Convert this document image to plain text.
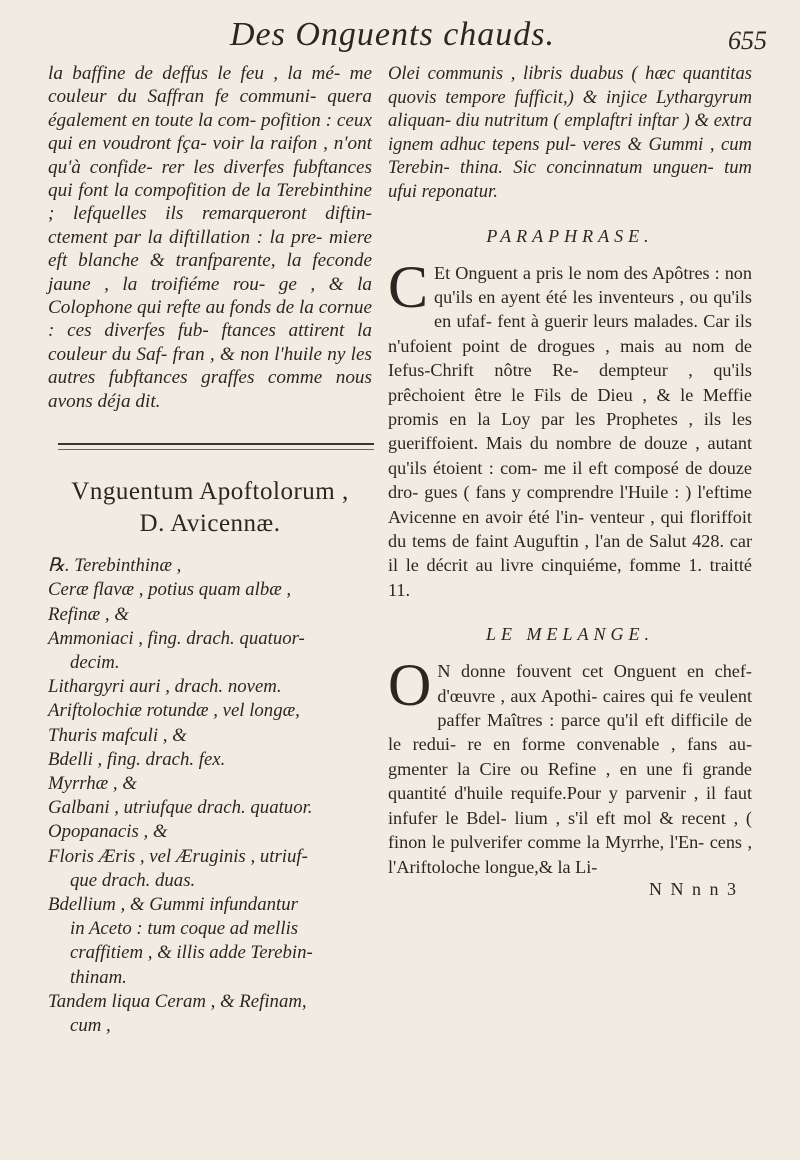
Des Onguents chauds.	655

la baffine de deffus le feu , la mé- me couleur du Saffran fe communi- quera également en toute la com- pofition : ceux qui en voudront fça- voir la raifon , n'ont qu'à confide- rer les diverfes fubftances qui font la compofition de la Terebinthine ; lefquelles ils remarqueront diftin- ctement par la diftillation : la pre- miere eft blanche & tranfparente, la feconde jaune , la troifiéme rou- ge , & la Colophone qui refte au fonds de la cornue : ces diverfes fub- ftances attirent la couleur du Saf- fran , & non l'huile ny les autres fubftances graffes comme nous avons déja dit.

Vnguentum Apoftolorum ,
D. Avicennæ.
℞. Terebinthinæ ,
Ceræ flavæ , potius quam albæ ,
Refinæ , &
Ammoniaci , fing. drach. quatuor-
decim.
Lithargyri auri , drach. novem.
Ariftolochiæ rotundæ , vel longæ,
Thuris mafculi , &
Bdelli , fing. drach. fex.
Myrrhæ , &
Galbani , utriufque drach. quatuor.
Opopanacis , &
Floris Æris , vel Æruginis , utriuf-
que drach. duas.
Bdellium , & Gummi infundantur
in Aceto : tum coque ad mellis
craffitiem , & illis adde Terebin-
thinam.
Tandem liqua Ceram , & Refinam,
cum ,

Olei communis , libris duabus ( hæc quantitas quovis tempore fufficit,) & injice Lythargyrum aliquan- diu nutritum ( emplaftri inftar ) & extra ignem adhuc tepens pul- veres & Gummi , cum Terebin- thina. Sic concinnatum unguen- tum ufui reponatur.

PARAPHRASE.

C Et Onguent a pris le nom des Apôtres : non qu'ils en ayent été les inventeurs , ou qu'ils en ufaf- fent à guerir leurs malades. Car ils n'ufoient point de drogues , mais au nom de Iefus-Chrift nôtre Re- dempteur , qu'ils prêchoient être le Fils de Dieu , & le Meffie promis en la Loy par les Prophetes , ils les gueriffoient. Mais du nombre de douze , autant qu'ils étoient : com- me il eft composé de douze dro- gues ( fans y comprendre l'Huile : ) l'eftime Avicenne en avoir été l'in- venteur , qui floriffoit du tems de faint Auguftin , l'an de Salut 428. car il le décrit au livre cinquiéme, fomme 1. traitté 11.

LE MELANGE.

O N donne fouvent cet Onguent en chef-d'œuvre , aux Apothi- caires qui fe veulent paffer Maîtres : parce qu'il eft difficile de le redui- re en forme convenable , fans au- gmenter la Cire ou Refine , en une fi grande quantité d'huile requife.Pour y parvenir , il faut infufer le Bdel- lium , s'il eft mol & recent , ( finon le pulverifer comme la Myrrhe, l'En- cens , l'Ariftoloche longue,& la Li-

N N n n 3
